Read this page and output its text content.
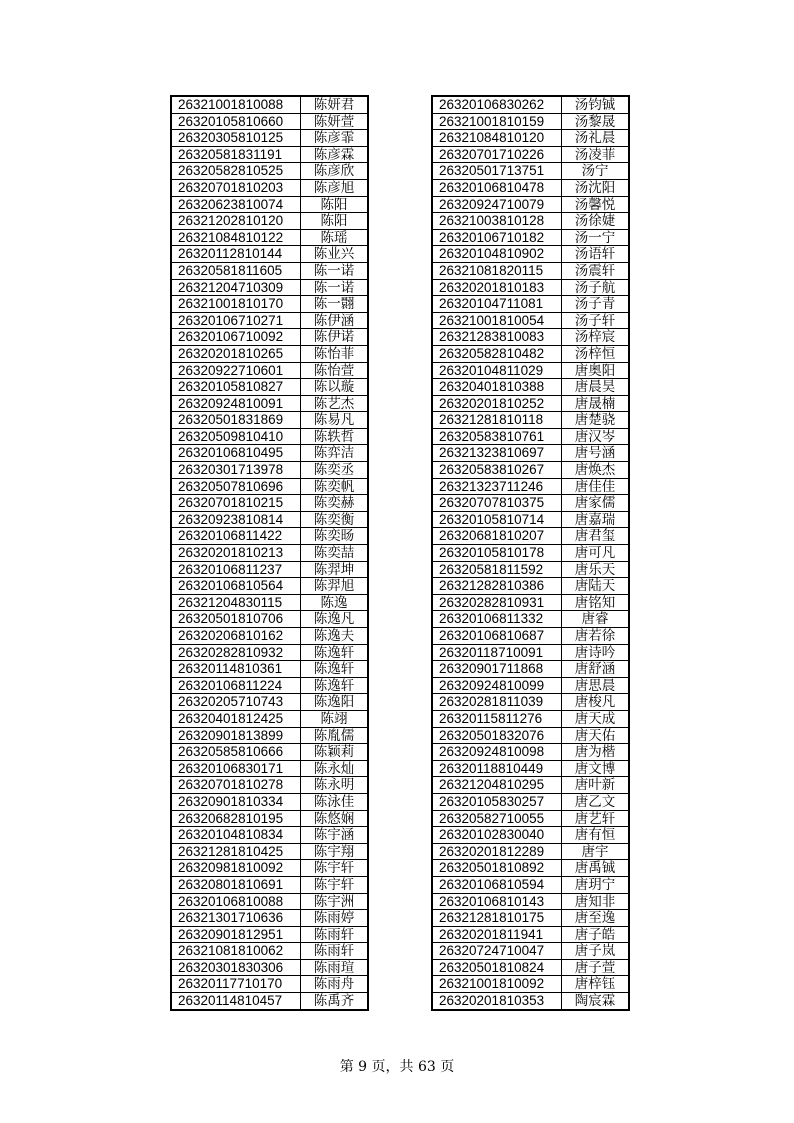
26321001810088	陈妍君
26320105810660	陈妍萱
26320305810125	陈彦霏
26320581831191	陈彦霖
26320582810525	陈彦欣
26320701810203	陈彦旭
26320623810074	陈阳
26321202810120	陈阳
26321084810122	陈瑶
26320112810144	陈业兴
26320581811605	陈一诺
26321204710309	陈一诺
26321001810170	陈一翾
26320106710271	陈伊涵
26320106710092	陈伊诺
26320201810265	陈怡菲
26320922710601	陈怡萱
26320105810827	陈以璇
26320924810091	陈艺杰
26320501831869	陈易凡
26320509810410	陈轶哲
26320106810495	陈弈洁
26320301713978	陈奕丞
26320507810696	陈奕帆
26320701810215	陈奕赫
26320923810814	陈奕衡
26320106811422	陈奕旸
26320201810213	陈奕喆
26320106811237	陈羿坤
26320106810564	陈羿旭
26321204830115	陈逸
26320501810706	陈逸凡
26320206810162	陈逸夫
26320282810932	陈逸轩
26320114810361	陈逸轩
26320106811224	陈逸轩
26320205710743	陈逸阳
26320401812425	陈翊
26320901813899	陈胤儒
26320585810666	陈颖莉
26320106830171	陈永灿
26320701810278	陈永明
26320901810334	陈泳佳
26320682810195	陈悠娴
26320104810834	陈宇涵
26321281810425	陈宇翔
26320981810092	陈宇轩
26320801810691	陈宇轩
26320106810088	陈宇洲
26321301710636	陈雨婷
26320901812951	陈雨轩
26321081810062	陈雨轩
26320301830306	陈雨瑄
26320117710170	陈雨舟
26320114810457	陈禹齐
26320106830262	汤钧铖
26321001810159	汤黎晟
26321084810120	汤礼晨
26320701710226	汤凌菲
26320501713751	汤宁
26320106810478	汤沈阳
26320924710079	汤馨悦
26321003810128	汤徐婕
26320106710182	汤一宁
26320104810902	汤语轩
26321081820115	汤震轩
26320201810183	汤子航
26320104711081	汤子青
26321001810054	汤子轩
26321283810083	汤梓宸
26320582810482	汤梓恒
26320104811029	唐奥阳
26320401810388	唐晨昊
26320201810252	唐晟楠
26321281810118	唐楚骁
26320583810761	唐汉岑
26321323810697	唐号涵
26320583810267	唐焕杰
26321323711246	唐佳佳
26320707810375	唐家儒
26320105810714	唐嘉瑞
26320681810207	唐君玺
26320105810178	唐可凡
26320581811592	唐乐天
26321282810386	唐陆天
26320282810931	唐铭知
26320106811332	唐睿
26320106810687	唐若徐
26320118710091	唐诗吟
26320901711868	唐舒涵
26320924810099	唐思晨
26320281811039	唐梭凡
26320115811276	唐天成
26320501832076	唐天佑
26320924810098	唐为楷
26320118810449	唐文博
26321204810295	唐叶新
26320105830257	唐乙文
26320582710055	唐艺轩
26320102830040	唐有恒
26320201812289	唐宇
26320501810892	唐禹铖
26320106810594	唐玥宁
26320106810143	唐知非
26321281810175	唐至逸
26320201811941	唐子皓
26320724710047	唐子岚
26320501810824	唐子萱
26321001810092	唐梓钰
26320201810353	陶宸霖
第 9 页，共 63 页
